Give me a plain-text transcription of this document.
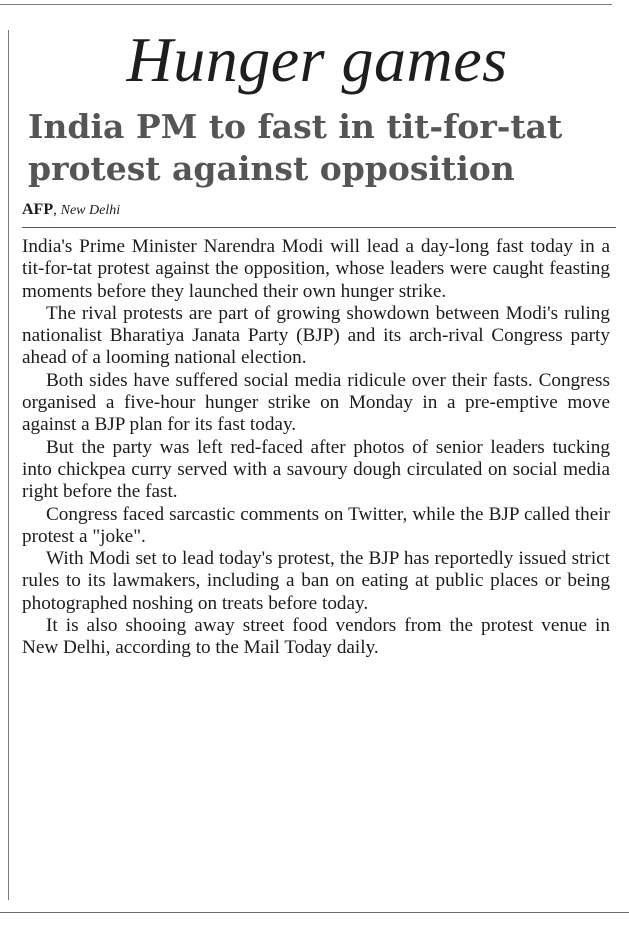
Hunger games
India PM to fast in tit-for-tat protest against opposition
AFP, New Delhi

India's Prime Minister Narendra Modi will lead a day-long fast today in a tit-for-tat protest against the opposition, whose leaders were caught feasting moments before they launched their own hunger strike.

The rival protests are part of growing showdown between Modi's ruling nationalist Bharatiya Janata Party (BJP) and its arch-rival Congress party ahead of a looming national election.

Both sides have suffered social media ridicule over their fasts. Congress organised a five-hour hunger strike on Monday in a pre-emptive move against a BJP plan for its fast today.

But the party was left red-faced after photos of senior leaders tucking into chickpea curry served with a savoury dough circulated on social media right before the fast.

Congress faced sarcastic comments on Twitter, while the BJP called their protest a "joke".

With Modi set to lead today's protest, the BJP has reportedly issued strict rules to its lawmakers, including a ban on eating at public places or being photographed noshing on treats before today.

It is also shooing away street food vendors from the protest venue in New Delhi, according to the Mail Today daily.
